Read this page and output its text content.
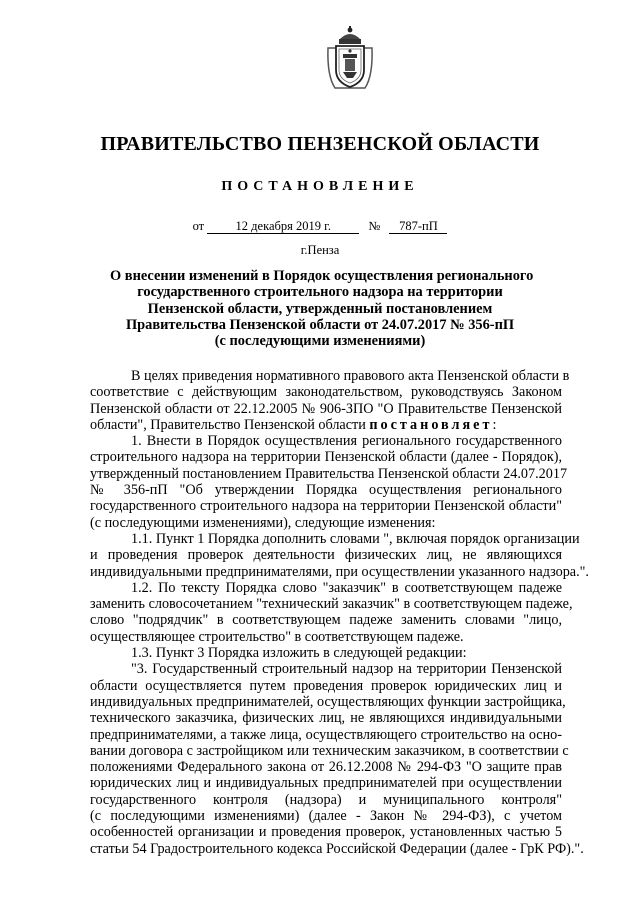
ПРАВИТЕЛЬСТВО ПЕНЗЕНСКОЙ ОБЛАСТИ
ПОСТАНОВЛЕНИЕ
от	12 декабря 2019 г.	№ 787-пП
г.Пенза
О внесении изменений в Порядок осуществления регионального
государственного строительного надзора на территории
Пензенской области, утвержденный постановлением
Правительства Пензенской области от 24.07.2017 № 356-пП
(с последующими изменениями)
В целях приведения нормативного правового акта Пензенской области в
соответствие с действующим законодательством, руководствуясь Законом
Пензенской области от 22.12.2005 № 906-ЗПО "О Правительстве Пензенской
области", Правительство Пензенской области постановляет:
1. Внести в Порядок осуществления регионального государственного
строительного надзора на территории Пензенской области (далее - Порядок),
утвержденный постановлением Правительства Пензенской области 24.07.2017
№ 356-пП "Об утверждении Порядка осуществления регионального
государственного строительного надзора на территории Пензенской области"
(с последующими изменениями), следующие изменения:
1.1. Пункт 1 Порядка дополнить словами ", включая порядок организации
и проведения проверок деятельности физических лиц, не являющихся
индивидуальными предпринимателями, при осуществлении указанного надзора.".
1.2. По тексту Порядка слово "заказчик" в соответствующем падеже
заменить словосочетанием "технический заказчик" в соответствующем падеже,
слово "подрядчик" в соответствующем падеже заменить словами "лицо,
осуществляющее строительство" в соответствующем падеже.
1.3. Пункт 3 Порядка изложить в следующей редакции:
"3. Государственный строительный надзор на территории Пензенской
области осуществляется путем проведения проверок юридических лиц и
индивидуальных предпринимателей, осуществляющих функции застройщика,
технического заказчика, физических лиц, не являющихся индивидуальными
предпринимателями, а также лица, осуществляющего строительство на осно-
вании договора с застройщиком или техническим заказчиком, в соответствии с
положениями Федерального закона от 26.12.2008 № 294-ФЗ "О защите прав
юридических лиц и индивидуальных предпринимателей при осуществлении
государственного контроля (надзора) и муниципального контроля"
(с последующими изменениями) (далее - Закон № 294-ФЗ), с учетом
особенностей организации и проведения проверок, установленных частью 5
статьи 54 Градостроительного кодекса Российской Федерации (далее - ГрК РФ).".
